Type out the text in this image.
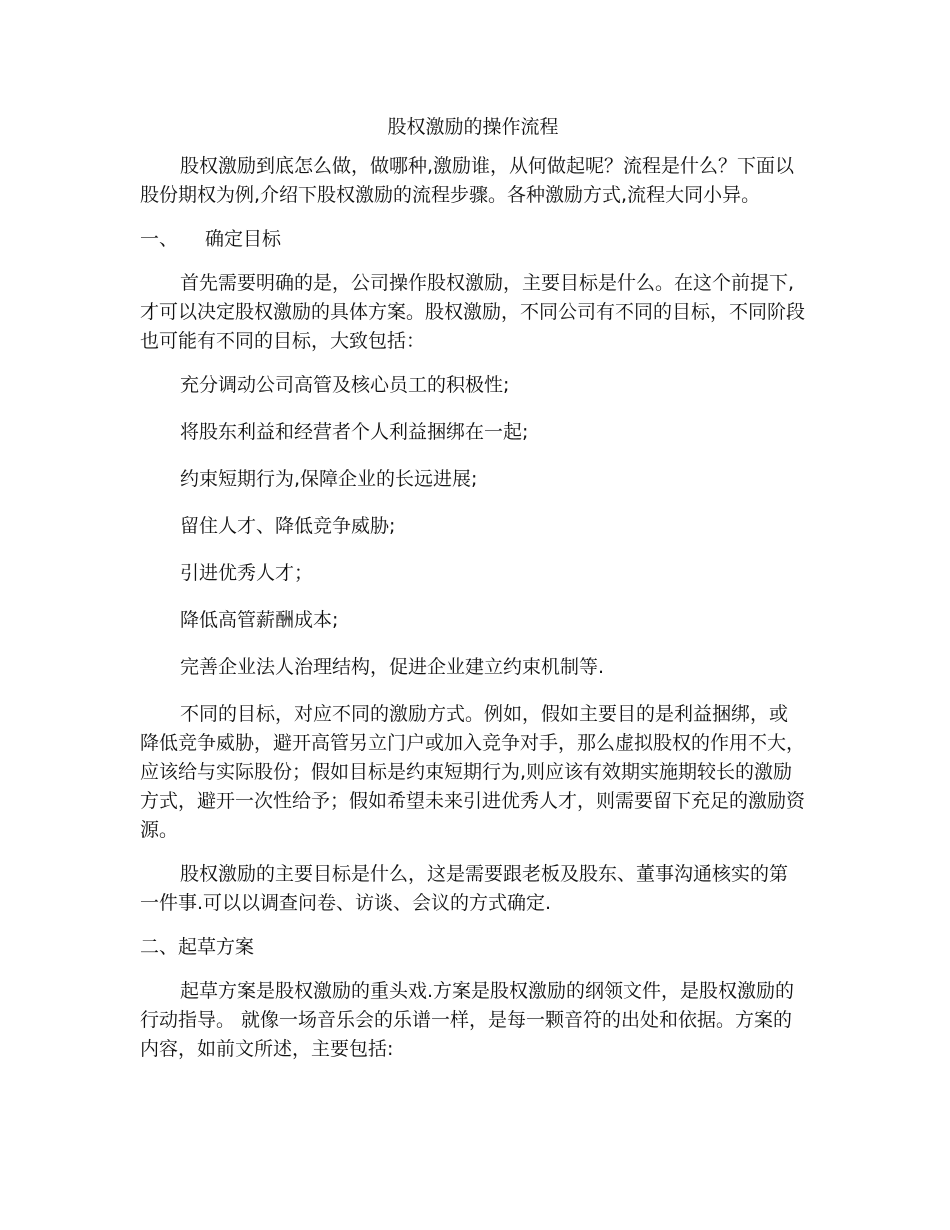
股权激励的操作流程

股权激励到底怎么做，做哪种,激励谁，从何做起呢？流程是什么？下面以股份期权为例,介绍下股权激励的流程步骤。各种激励方式,流程大同小异。

一、 确定目标

首先需要明确的是，公司操作股权激励，主要目标是什么。在这个前提下,才可以决定股权激励的具体方案。股权激励，不同公司有不同的目标，不同阶段也可能有不同的目标，大致包括：

充分调动公司高管及核心员工的积极性;

将股东利益和经营者个人利益捆绑在一起;

约束短期行为,保障企业的长远进展;

留住人才、降低竞争威胁;

引进优秀人才；

降低高管薪酬成本;

完善企业法人治理结构，促进企业建立约束机制等.

不同的目标，对应不同的激励方式。例如，假如主要目的是利益捆绑，或降低竞争威胁，避开高管另立门户或加入竞争对手，那么虚拟股权的作用不大，应该给与实际股份；假如目标是约束短期行为,则应该有效期实施期较长的激励方式，避开一次性给予；假如希望未来引进优秀人才，则需要留下充足的激励资源。

股权激励的主要目标是什么，这是需要跟老板及股东、董事沟通核实的第一件事.可以以调查问卷、访谈、会议的方式确定.

二、起草方案

起草方案是股权激励的重头戏.方案是股权激励的纲领文件，是股权激励的行动指导。 就像一场音乐会的乐谱一样，是每一颗音符的出处和依据。方案的内容，如前文所述，主要包括:
